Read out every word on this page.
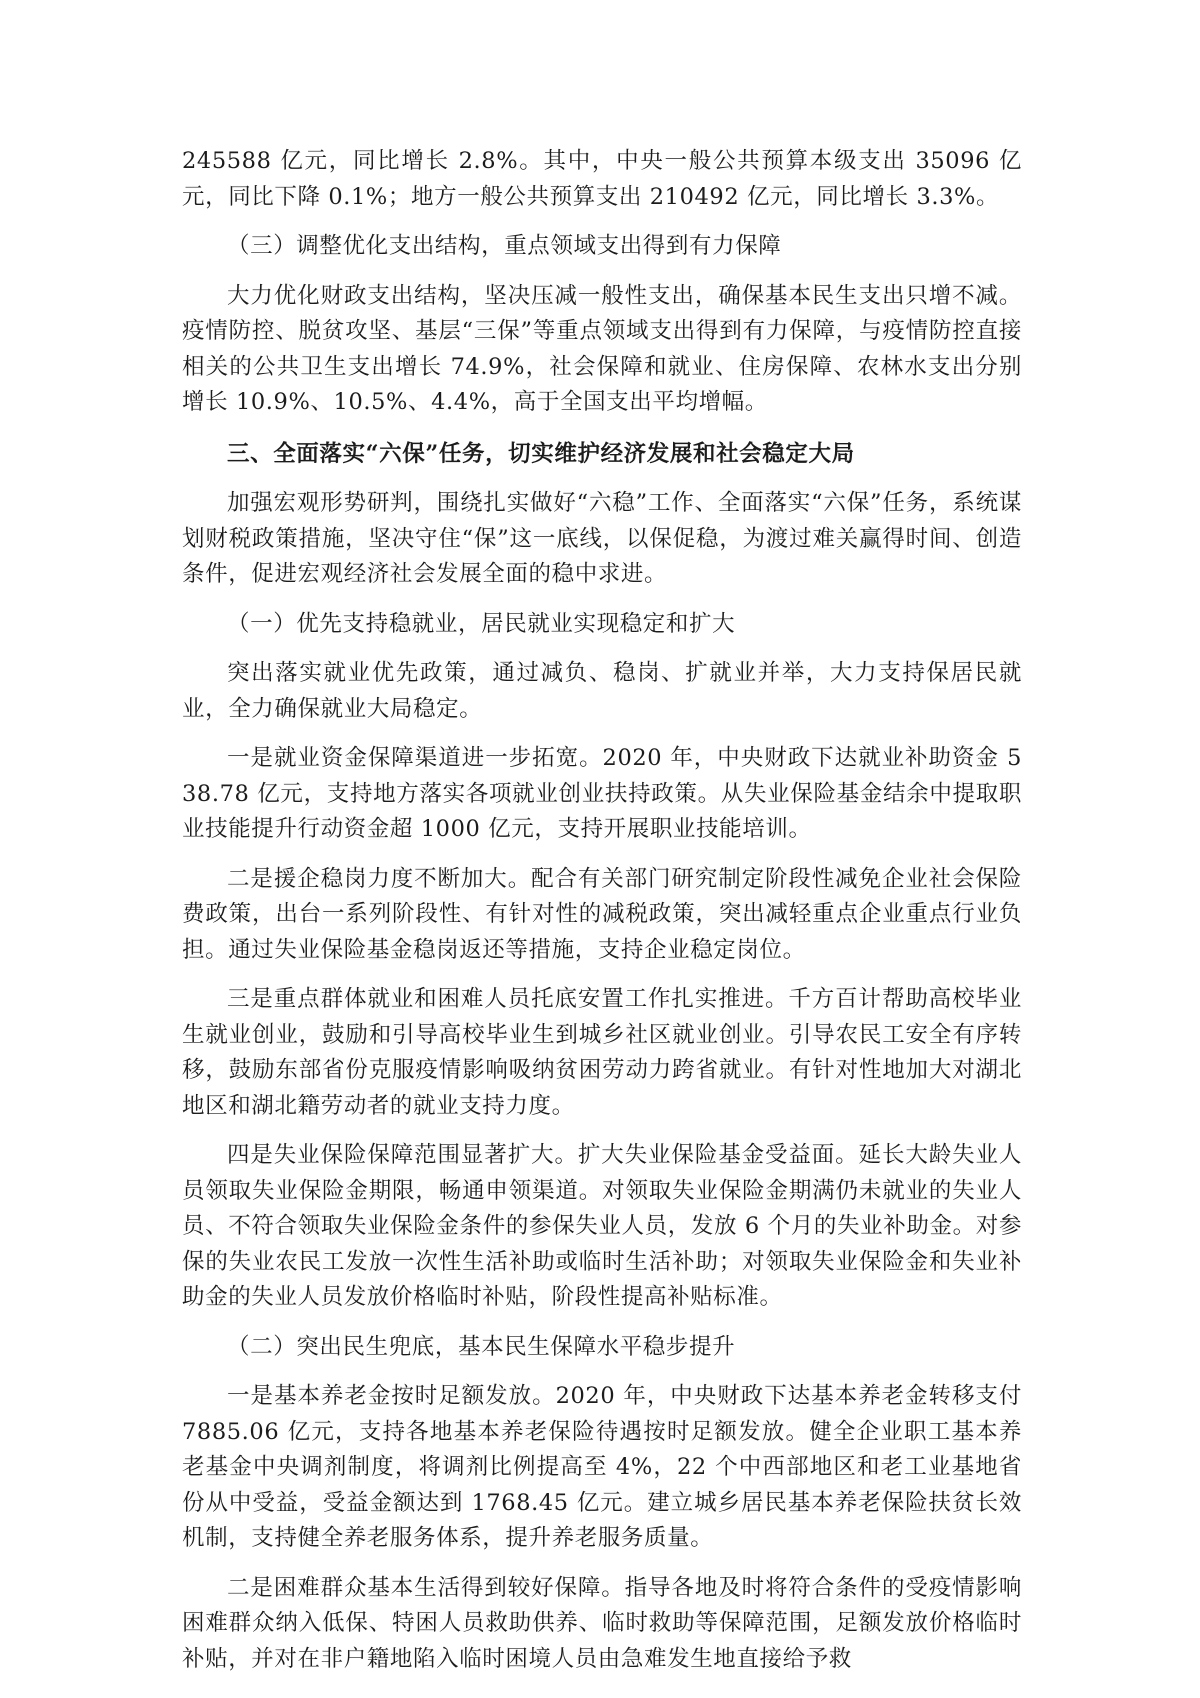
245588 亿元，同比增长 2.8%。其中，中央一般公共预算本级支出 35096 亿元，同比下降 0.1%；地方一般公共预算支出 210492 亿元，同比增长 3.3%。

（三）调整优化支出结构，重点领域支出得到有力保障

大力优化财政支出结构，坚决压减一般性支出，确保基本民生支出只增不减。疫情防控、脱贫攻坚、基层“三保”等重点领域支出得到有力保障，与疫情防控直接相关的公共卫生支出增长 74.9%，社会保障和就业、住房保障、农林水支出分别增长 10.9%、10.5%、4.4%，高于全国支出平均增幅。

三、全面落实“六保”任务，切实维护经济发展和社会稳定大局

加强宏观形势研判，围绕扎实做好“六稳”工作、全面落实“六保”任务，系统谋划财税政策措施，坚决守住“保”这一底线，以保促稳，为渡过难关赢得时间、创造条件，促进宏观经济社会发展全面的稳中求进。

（一）优先支持稳就业，居民就业实现稳定和扩大

突出落实就业优先政策，通过减负、稳岗、扩就业并举，大力支持保居民就业，全力确保就业大局稳定。

一是就业资金保障渠道进一步拓宽。2020 年，中央财政下达就业补助资金 538.78 亿元，支持地方落实各项就业创业扶持政策。从失业保险基金结余中提取职业技能提升行动资金超 1000 亿元，支持开展职业技能培训。

二是援企稳岗力度不断加大。配合有关部门研究制定阶段性减免企业社会保险费政策，出台一系列阶段性、有针对性的减税政策，突出减轻重点企业重点行业负担。通过失业保险基金稳岗返还等措施，支持企业稳定岗位。

三是重点群体就业和困难人员托底安置工作扎实推进。千方百计帮助高校毕业生就业创业，鼓励和引导高校毕业生到城乡社区就业创业。引导农民工安全有序转移，鼓励东部省份克服疫情影响吸纳贫困劳动力跨省就业。有针对性地加大对湖北地区和湖北籍劳动者的就业支持力度。

四是失业保险保障范围显著扩大。扩大失业保险基金受益面。延长大龄失业人员领取失业保险金期限，畅通申领渠道。对领取失业保险金期满仍未就业的失业人员、不符合领取失业保险金条件的参保失业人员，发放 6 个月的失业补助金。对参保的失业农民工发放一次性生活补助或临时生活补助；对领取失业保险金和失业补助金的失业人员发放价格临时补贴，阶段性提高补贴标准。

（二）突出民生兜底，基本民生保障水平稳步提升

一是基本养老金按时足额发放。2020 年，中央财政下达基本养老金转移支付 7885.06 亿元，支持各地基本养老保险待遇按时足额发放。健全企业职工基本养老基金中央调剂制度，将调剂比例提高至 4%，22 个中西部地区和老工业基地省份从中受益，受益金额达到 1768.45 亿元。建立城乡居民基本养老保险扶贫长效机制，支持健全养老服务体系，提升养老服务质量。

二是困难群众基本生活得到较好保障。指导各地及时将符合条件的受疫情影响困难群众纳入低保、特困人员救助供养、临时救助等保障范围，足额发放价格临时补贴，并对在非户籍地陷入临时困境人员由急难发生地直接给予救
